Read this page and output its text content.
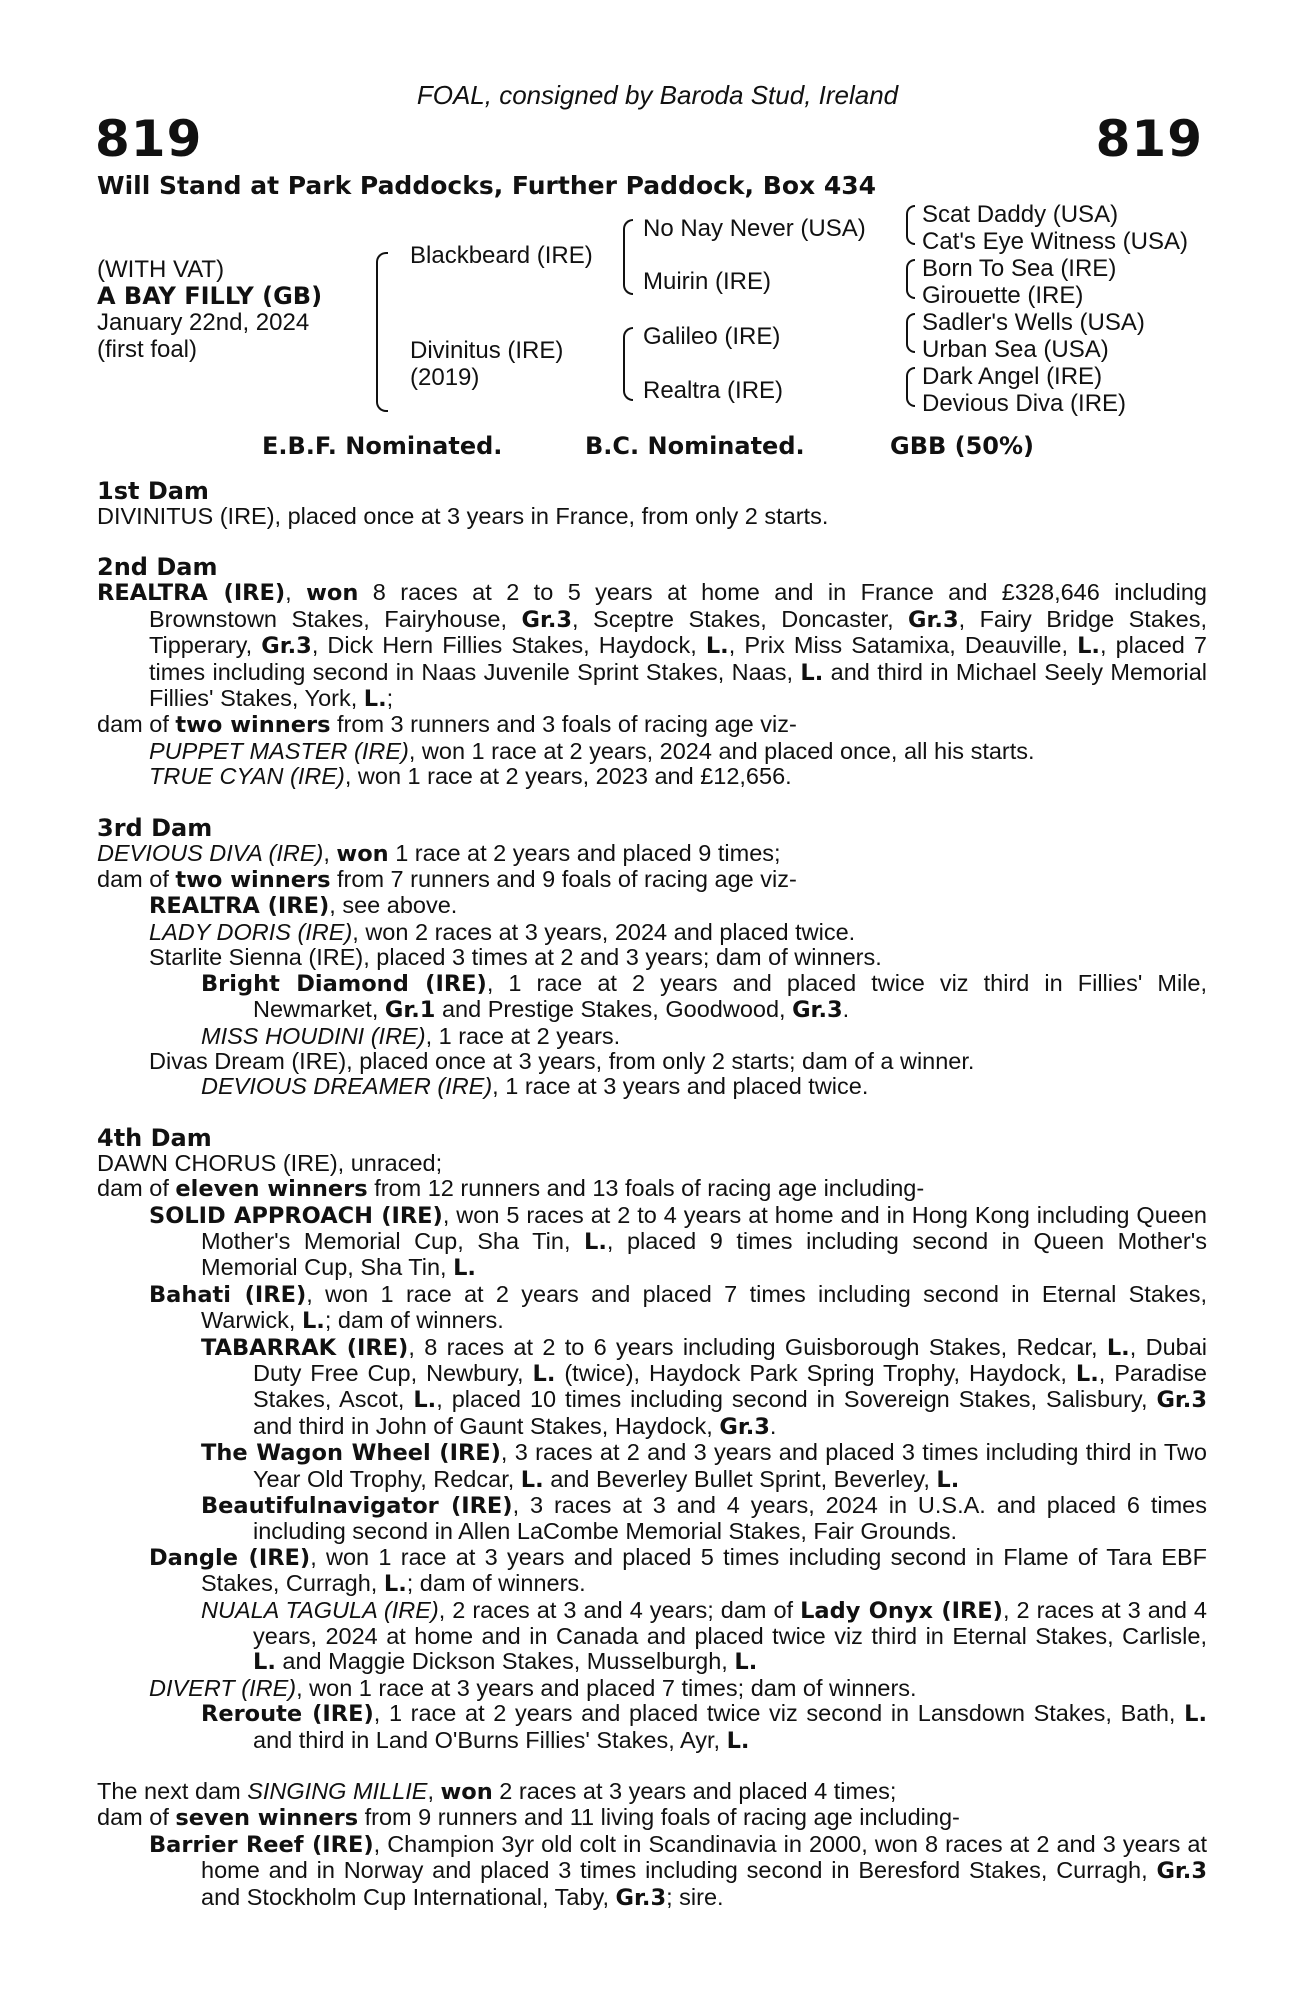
FOAL, consigned by Baroda Stud, Ireland
819	819
Will Stand at Park Paddocks, Further Paddock, Box 434
(WITH VAT)
A BAY FILLY (GB)
January 22nd, 2024
(first foal)
Blackbeard (IRE)
Divinitus (IRE)
(2019)
No Nay Never (USA)
Muirin (IRE)
Galileo (IRE)
Realtra (IRE)
Scat Daddy (USA)
Cat's Eye Witness (USA)
Born To Sea (IRE)
Girouette (IRE)
Sadler's Wells (USA)
Urban Sea (USA)
Dark Angel (IRE)
Devious Diva (IRE)
E.B.F. Nominated.	B.C. Nominated.	GBB (50%)
1st Dam

DIVINITUS (IRE), placed once at 3 years in France, from only 2 starts.

2nd Dam

REALTRA (IRE), won 8 races at 2 to 5 years at home and in France and £328,646 including Brownstown Stakes, Fairyhouse, Gr.3, Sceptre Stakes, Doncaster, Gr.3, Fairy Bridge Stakes, Tipperary, Gr.3, Dick Hern Fillies Stakes, Haydock, L., Prix Miss Satamixa, Deauville, L., placed 7 times including second in Naas Juvenile Sprint Stakes, Naas, L. and third in Michael Seely Memorial Fillies' Stakes, York, L.;

dam of two winners from 3 runners and 3 foals of racing age viz-

PUPPET MASTER (IRE), won 1 race at 2 years, 2024 and placed once, all his starts.

TRUE CYAN (IRE), won 1 race at 2 years, 2023 and £12,656.

3rd Dam

DEVIOUS DIVA (IRE), won 1 race at 2 years and placed 9 times;

dam of two winners from 7 runners and 9 foals of racing age viz-

REALTRA (IRE), see above.

LADY DORIS (IRE), won 2 races at 3 years, 2024 and placed twice.

Starlite Sienna (IRE), placed 3 times at 2 and 3 years; dam of winners.

Bright Diamond (IRE), 1 race at 2 years and placed twice viz third in Fillies' Mile, Newmarket, Gr.1 and Prestige Stakes, Goodwood, Gr.3.

MISS HOUDINI (IRE), 1 race at 2 years.

Divas Dream (IRE), placed once at 3 years, from only 2 starts; dam of a winner.

DEVIOUS DREAMER (IRE), 1 race at 3 years and placed twice.

4th Dam

DAWN CHORUS (IRE), unraced;

dam of eleven winners from 12 runners and 13 foals of racing age including-

SOLID APPROACH (IRE), won 5 races at 2 to 4 years at home and in Hong Kong including Queen Mother's Memorial Cup, Sha Tin, L., placed 9 times including second in Queen Mother's Memorial Cup, Sha Tin, L.

Bahati (IRE), won 1 race at 2 years and placed 7 times including second in Eternal Stakes, Warwick, L.; dam of winners.

TABARRAK (IRE), 8 races at 2 to 6 years including Guisborough Stakes, Redcar, L., Dubai Duty Free Cup, Newbury, L. (twice), Haydock Park Spring Trophy, Haydock, L., Paradise Stakes, Ascot, L., placed 10 times including second in Sovereign Stakes, Salisbury, Gr.3 and third in John of Gaunt Stakes, Haydock, Gr.3.

The Wagon Wheel (IRE), 3 races at 2 and 3 years and placed 3 times including third in Two Year Old Trophy, Redcar, L. and Beverley Bullet Sprint, Beverley, L.

Beautifulnavigator (IRE), 3 races at 3 and 4 years, 2024 in U.S.A. and placed 6 times including second in Allen LaCombe Memorial Stakes, Fair Grounds.

Dangle (IRE), won 1 race at 3 years and placed 5 times including second in Flame of Tara EBF Stakes, Curragh, L.; dam of winners.

NUALA TAGULA (IRE), 2 races at 3 and 4 years; dam of Lady Onyx (IRE), 2 races at 3 and 4 years, 2024 at home and in Canada and placed twice viz third in Eternal Stakes, Carlisle, L. and Maggie Dickson Stakes, Musselburgh, L.

DIVERT (IRE), won 1 race at 3 years and placed 7 times; dam of winners.

Reroute (IRE), 1 race at 2 years and placed twice viz second in Lansdown Stakes, Bath, L. and third in Land O'Burns Fillies' Stakes, Ayr, L.

The next dam SINGING MILLIE, won 2 races at 3 years and placed 4 times;

dam of seven winners from 9 runners and 11 living foals of racing age including-

Barrier Reef (IRE), Champion 3yr old colt in Scandinavia in 2000, won 8 races at 2 and 3 years at home and in Norway and placed 3 times including second in Beresford Stakes, Curragh, Gr.3 and Stockholm Cup International, Taby, Gr.3; sire.
